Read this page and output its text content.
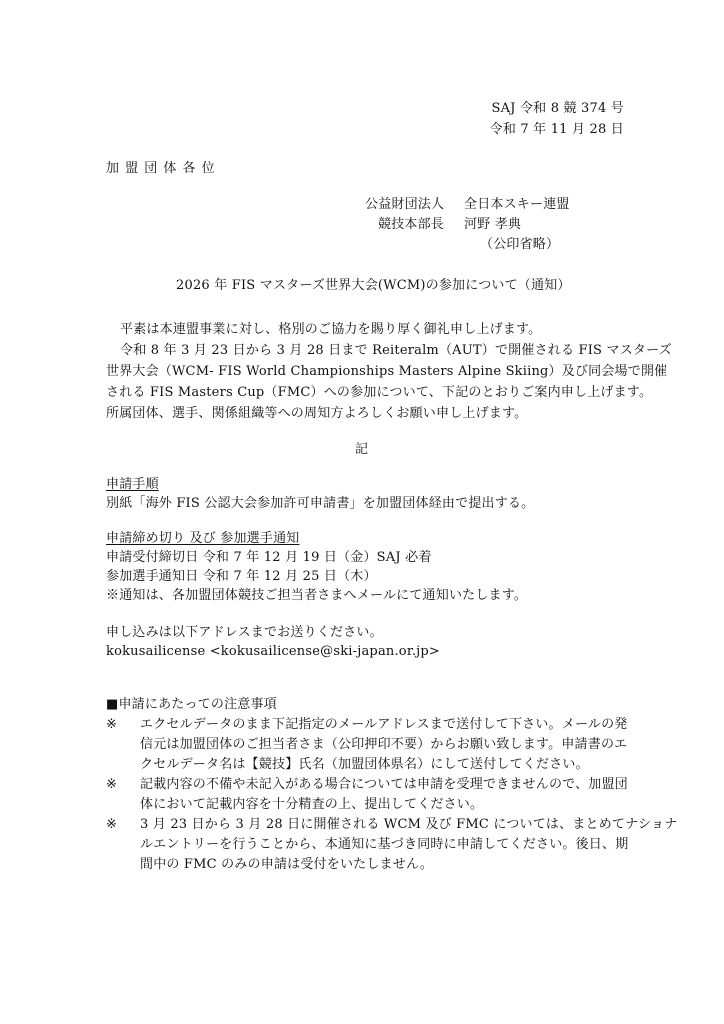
SAJ 令和 8 競 374 号
令和 7 年 11 月 28 日
加 盟 団 体 各 位
公益財団法人 全日本スキー連盟
競技本部長 河野 孝典
（公印省略）
2026 年 FIS マスターズ世界大会(WCM)の参加について（通知）
平素は本連盟事業に対し、格別のご協力を賜り厚く御礼申し上げます。
令和 8 年 3 月 23 日から 3 月 28 日まで Reiteralm（AUT）で開催される FIS マスターズ
世界大会（WCM- FIS World Championships Masters Alpine Skiing）及び同会場で開催
される FIS Masters Cup（FMC）への参加について、下記のとおりご案内申し上げます。
所属団体、選手、関係組織等への周知方よろしくお願い申し上げます。
記
申請手順
別紙「海外 FIS 公認大会参加許可申請書」を加盟団体経由で提出する。
申請締め切り 及び 参加選手通知
申請受付締切日 令和 7 年 12 月 19 日（金）SAJ 必着
参加選手通知日 令和 7 年 12 月 25 日（木）
※通知は、各加盟団体競技ご担当者さまへメールにて通知いたします。
申し込みは以下アドレスまでお送りください。
kokusailicense <kokusailicense@ski-japan.or.jp>
■申請にあたっての注意事項
※ エクセルデータのまま下記指定のメールアドレスまで送付して下さい。メールの発
信元は加盟団体のご担当者さま（公印押印不要）からお願い致します。申請書のエ
クセルデータ名は【競技】氏名（加盟団体県名）にして送付してください。
※ 記載内容の不備や未記入がある場合については申請を受理できませんので、加盟団
体において記載内容を十分精査の上、提出してください。
※ 3 月 23 日から 3 月 28 日に開催される WCM 及び FMC については、まとめてナショナ
ルエントリーを行うことから、本通知に基づき同時に申請してください。後日、期
間中の FMC のみの申請は受付をいたしません。
